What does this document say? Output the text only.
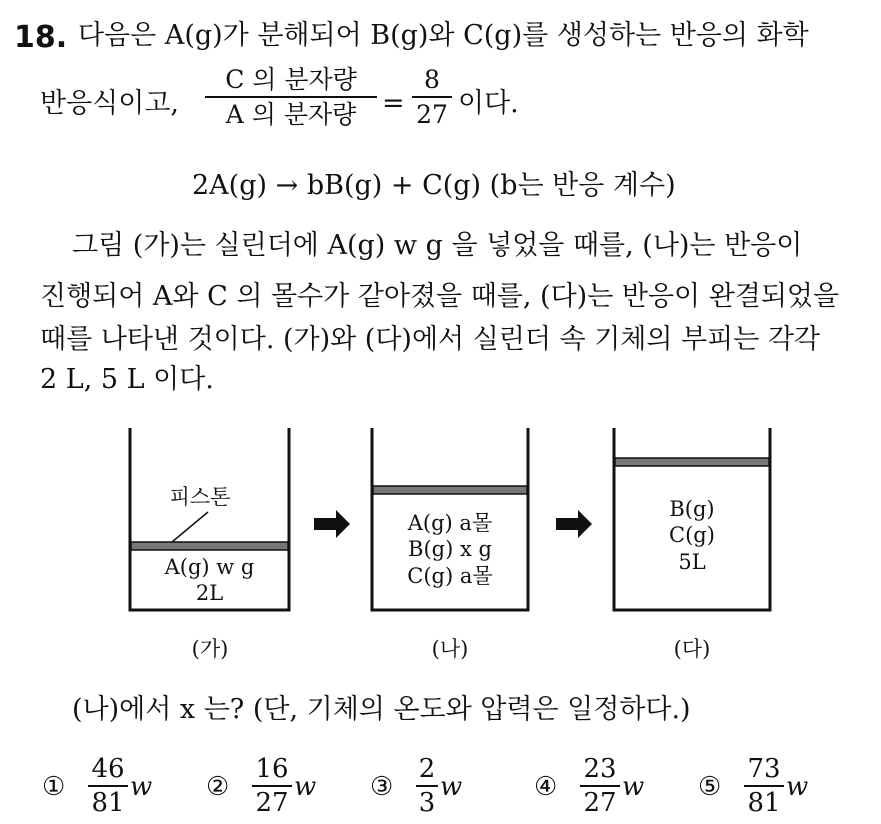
18. 다음은 A(g)가 분해되어 B(g)와 C(g)를 생성하는 반응의 화학
반응식이고,
C 의 분자량
A 의 분자량 =
8
27 이다.
2A(g) → bB(g) + C(g) (b는 반응 계수)
그림 (가)는 실린더에 A(g) w g 을 넣었을 때를, (나)는 반응이
진행되어 A와 C 의 몰수가 같아졌을 때를, (다)는 반응이 완결되었을
때를 나타낸 것이다. (가)와 (다)에서 실린더 속 기체의 부피는 각각
2 L, 5 L 이다.
피스톤
A(g) w g
2L
A(g) a몰
B(g) x g
C(g) a몰
B(g)
C(g)
5L
(가)	(나)	(다)
(나)에서 x 는? (단, 기체의 온도와 압력은 일정하다.)
①
46
81
w ②
16
27
w ③
2
3
w	④
23
27
w ⑤
73
81
w
